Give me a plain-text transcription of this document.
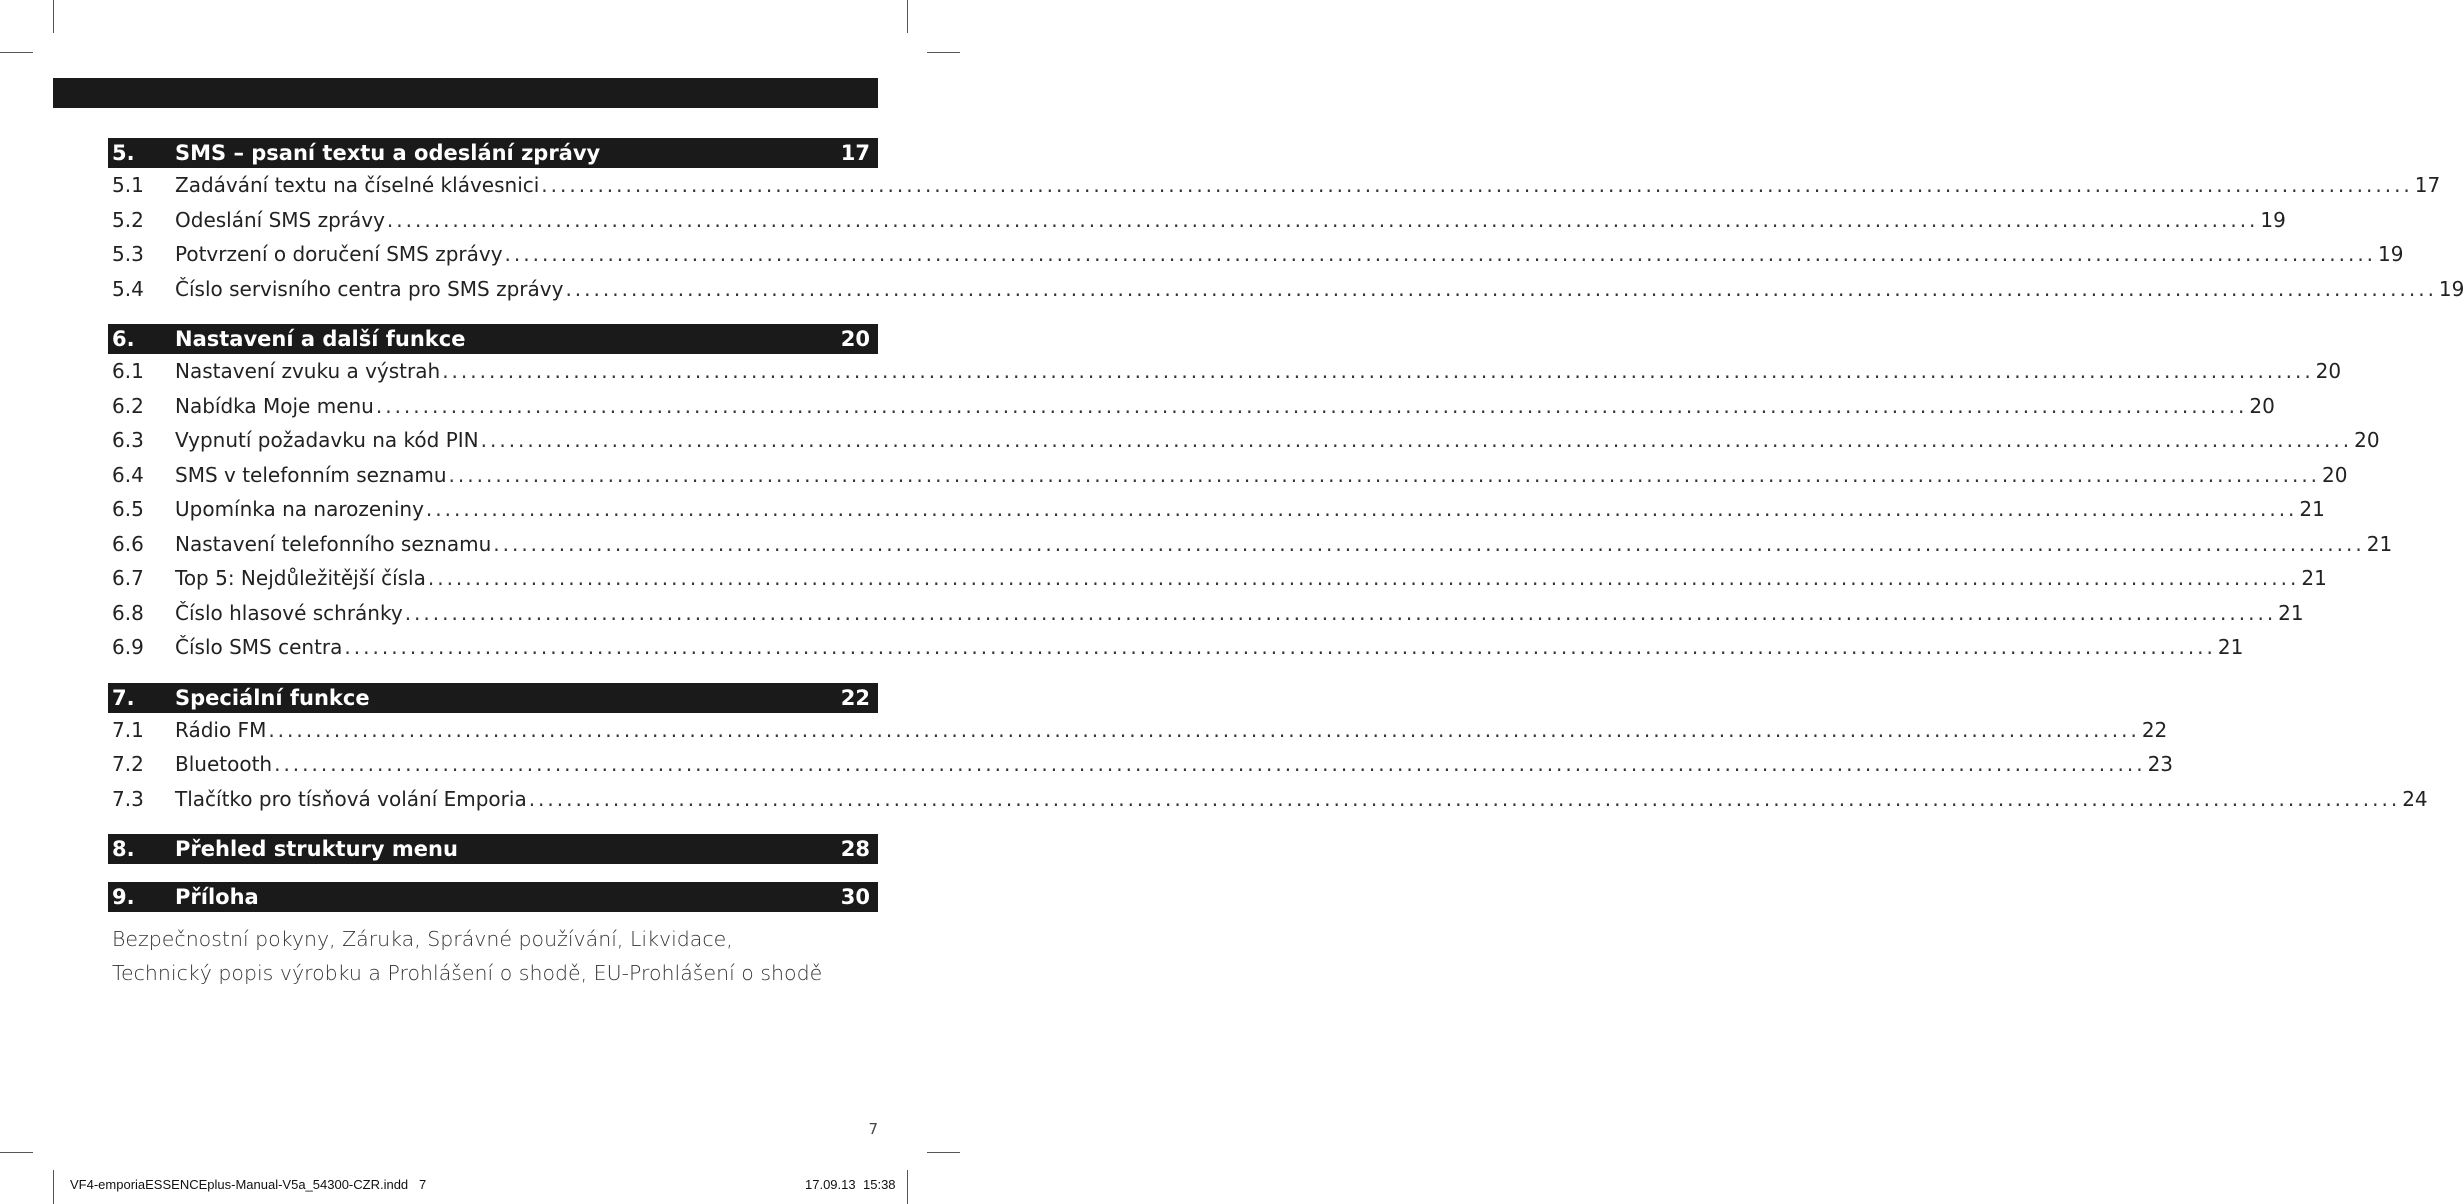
5.	SMS – psaní textu a odeslání zprávy	17
5.1	Zadávání textu na číselné klávesnici ........................................................................................................................................................................................................ 17
5.2	Odeslání SMS zprávy ........................................................................................................................................................................................................ 19
5.3	Potvrzení o doručení SMS zprávy ........................................................................................................................................................................................................ 19
5.4	Číslo servisního centra pro SMS zprávy ........................................................................................................................................................................................................ 19
6.	Nastavení a další funkce	20
6.1	Nastavení zvuku a výstrah ........................................................................................................................................................................................................ 20
6.2	Nabídka Moje menu ........................................................................................................................................................................................................ 20
6.3	Vypnutí požadavku na kód PIN ........................................................................................................................................................................................................ 20
6.4	SMS v telefonním seznamu ........................................................................................................................................................................................................ 20
6.5	Upomínka na narozeniny ........................................................................................................................................................................................................ 21
6.6	Nastavení telefonního seznamu ........................................................................................................................................................................................................ 21
6.7	Top 5: Nejdůležitější čísla ........................................................................................................................................................................................................ 21
6.8	Číslo hlasové schránky ........................................................................................................................................................................................................ 21
6.9	Číslo SMS centra ........................................................................................................................................................................................................ 21
7.	Speciální funkce	22
7.1	Rádio FM ........................................................................................................................................................................................................ 22
7.2	Bluetooth ........................................................................................................................................................................................................ 23
7.3	Tlačítko pro tísňová volání Emporia ........................................................................................................................................................................................................ 24
8.	Přehled struktury menu	28
9.	Příloha	30
Bezpečnostní pokyny, Záruka, Správné používání, Likvidace,
Technický popis výrobku a Prohlášení o shodě, EU-Prohlášení o shodě
7
VF4-emporiaESSENCEplus-Manual-V5a_54300-CZR.indd   7	17.09.13 15:38
